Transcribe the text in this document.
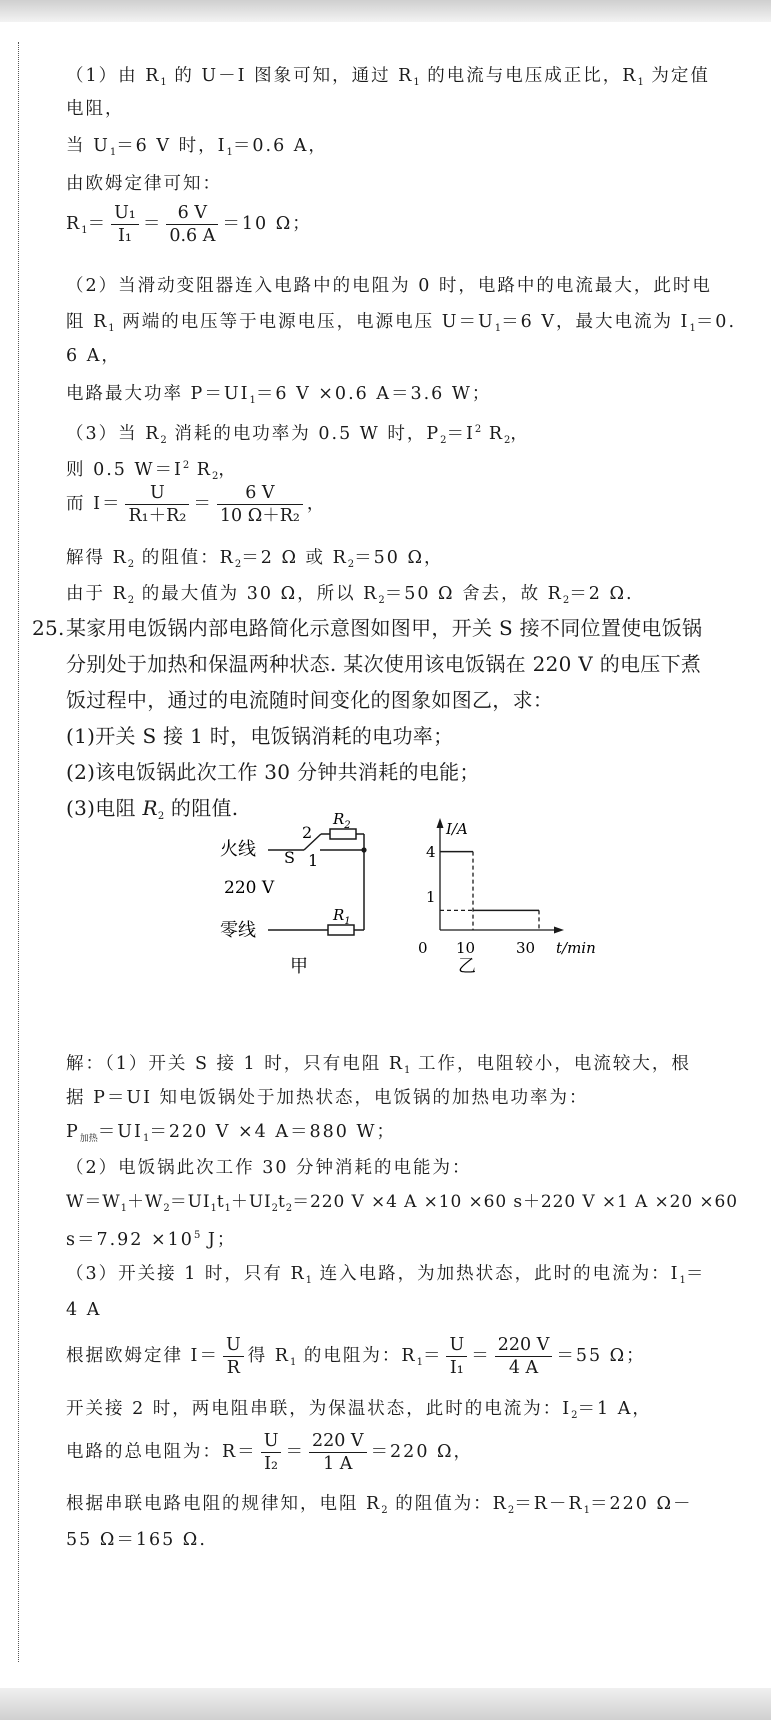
（1）由 $R_1$ 的 U－I 图象可知，通过 $R_1$ 的电流与电压成正比，$R_1$ 为定值
电阻，
当 $U_1=6$ V 时，$I_1=0.6$ A，
由欧姆定律可知：
$R_1= \frac{\text{U₁}}{\text{I₁}} = \frac{6 V}{0.6 A} =10$ Ω；
（2）当滑动变阻器连入电路中的电阻为 0 时，电路中的电流最大，此时电
阻 $R_1$ 两端的电压等于电源电压，电源电压 $U=U_1=6$ V，最大电流为 $I_1=0$.
6 A，
电路最大功率 $P=UI_1=6$ V ×0.6 A＝3.6 W；
（3）当 $R_2$ 消耗的电功率为 0.5 W 时，$P_2=I^2$ $R_2$，
则 0.5 $W=I^2$ $R_2$，
而 $I= \frac{U}{\text{R₁＋R₂}} = \frac{6 V}{\text{10 Ω＋R₂}}$ ，
解得 $R_2$ 的阻值：$R_2=2$ Ω 或 $R_2=50$ Ω，
由于 $R_2$ 的最大值为 30 Ω，所以 $R_2=50$ Ω 舍去，故 $R_2=2$ Ω.
25. 某家用电饭锅内部电路简化示意图如图甲，开关 S 接不同位置使电饭锅
分别处于加热和保温两种状态. 某次使用该电饭锅在 220 V 的电压下煮
饭过程中，通过的电流随时间变化的图象如图乙，求：
(1)开关 S 接 1 时，电饭锅消耗的电功率；
(2)该电饭锅此次工作 30 分钟共消耗的电能；
(3)电阻 $R_2$ 的阻值.
火线
220 V
零线
S
2
1
$R_2$
$R_1$
甲
I/A
t/min
0 10	30
1
4
乙
解：（1）开关 S 接 1 时，只有电阻 $R_1$ 工作，电阻较小，电流较大，根
据 P＝UI 知电饭锅处于加热状态，电饭锅的加热电功率为：
$P_{加热}=UI_1=220$ V ×4 A＝880 W；
（2）电饭锅此次工作 30 分钟消耗的电能为：
$W=W_1+W_2=UI_1t_1+UI_2t_2=220$ V ×4 A ×10 ×60 s＋220 V ×1 A ×20 ×60
$s=7.92 \times 10^5$ J；
（3）开关接 1 时，只有 $R_1$ 连入电路，为加热状态，此时的电流为：$I_1=$
4 A
根据欧姆定律 $I= \frac{U}{R}$ 得 $R_1$ 的电阻为：$R_1= \frac{U}{\text{I₁}} = \frac{220 V}{4 A} =55$ Ω；
开关接 2 时，两电阻串联，为保温状态，此时的电流为：$I_2=1$ A，
电路的总电阻为：$R= \frac{U}{\text{I₂}} = \frac{220 V}{1 A} =220$ Ω，
根据串联电路电阻的规律知，电阻 $R_2$ 的阻值为：$R_2=R-R_1=220$ Ω－
55 Ω＝165 Ω.
